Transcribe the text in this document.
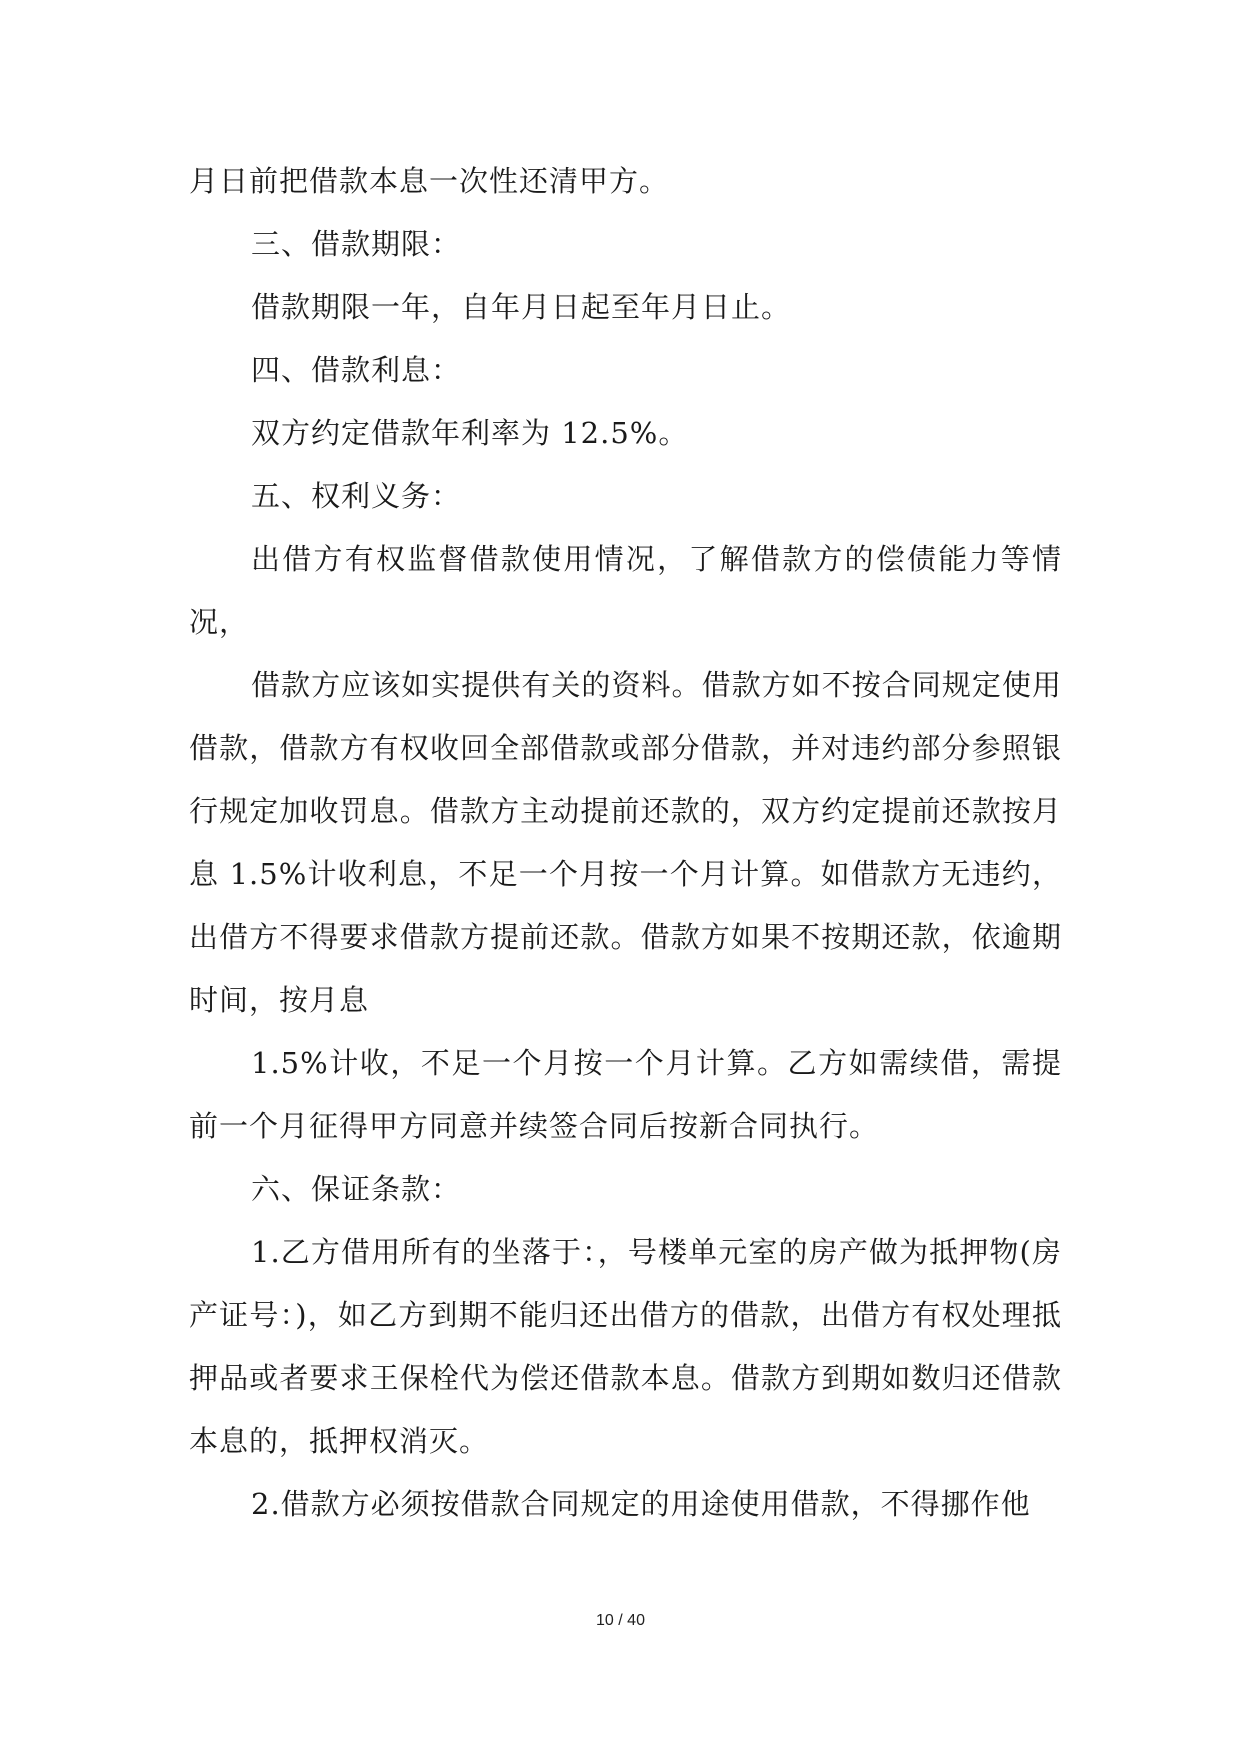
月日前把借款本息一次性还清甲方。

三、借款期限：

借款期限一年，自年月日起至年月日止。

四、借款利息：

双方约定借款年利率为 12.5%。

五、权利义务：

出借方有权监督借款使用情况，了解借款方的偿债能力等情况，

借款方应该如实提供有关的资料。借款方如不按合同规定使用借款，借款方有权收回全部借款或部分借款，并对违约部分参照银行规定加收罚息。借款方主动提前还款的，双方约定提前还款按月息 1.5%计收利息，不足一个月按一个月计算。如借款方无违约，出借方不得要求借款方提前还款。借款方如果不按期还款，依逾期时间，按月息

1.5%计收，不足一个月按一个月计算。乙方如需续借，需提前一个月征得甲方同意并续签合同后按新合同执行。

六、保证条款：

1.乙方借用所有的坐落于：，号楼单元室的房产做为抵押物(房产证号：)，如乙方到期不能归还出借方的借款，出借方有权处理抵押品或者要求王保栓代为偿还借款本息。借款方到期如数归还借款本息的，抵押权消灭。

2.借款方必须按借款合同规定的用途使用借款，不得挪作他

10 / 40
